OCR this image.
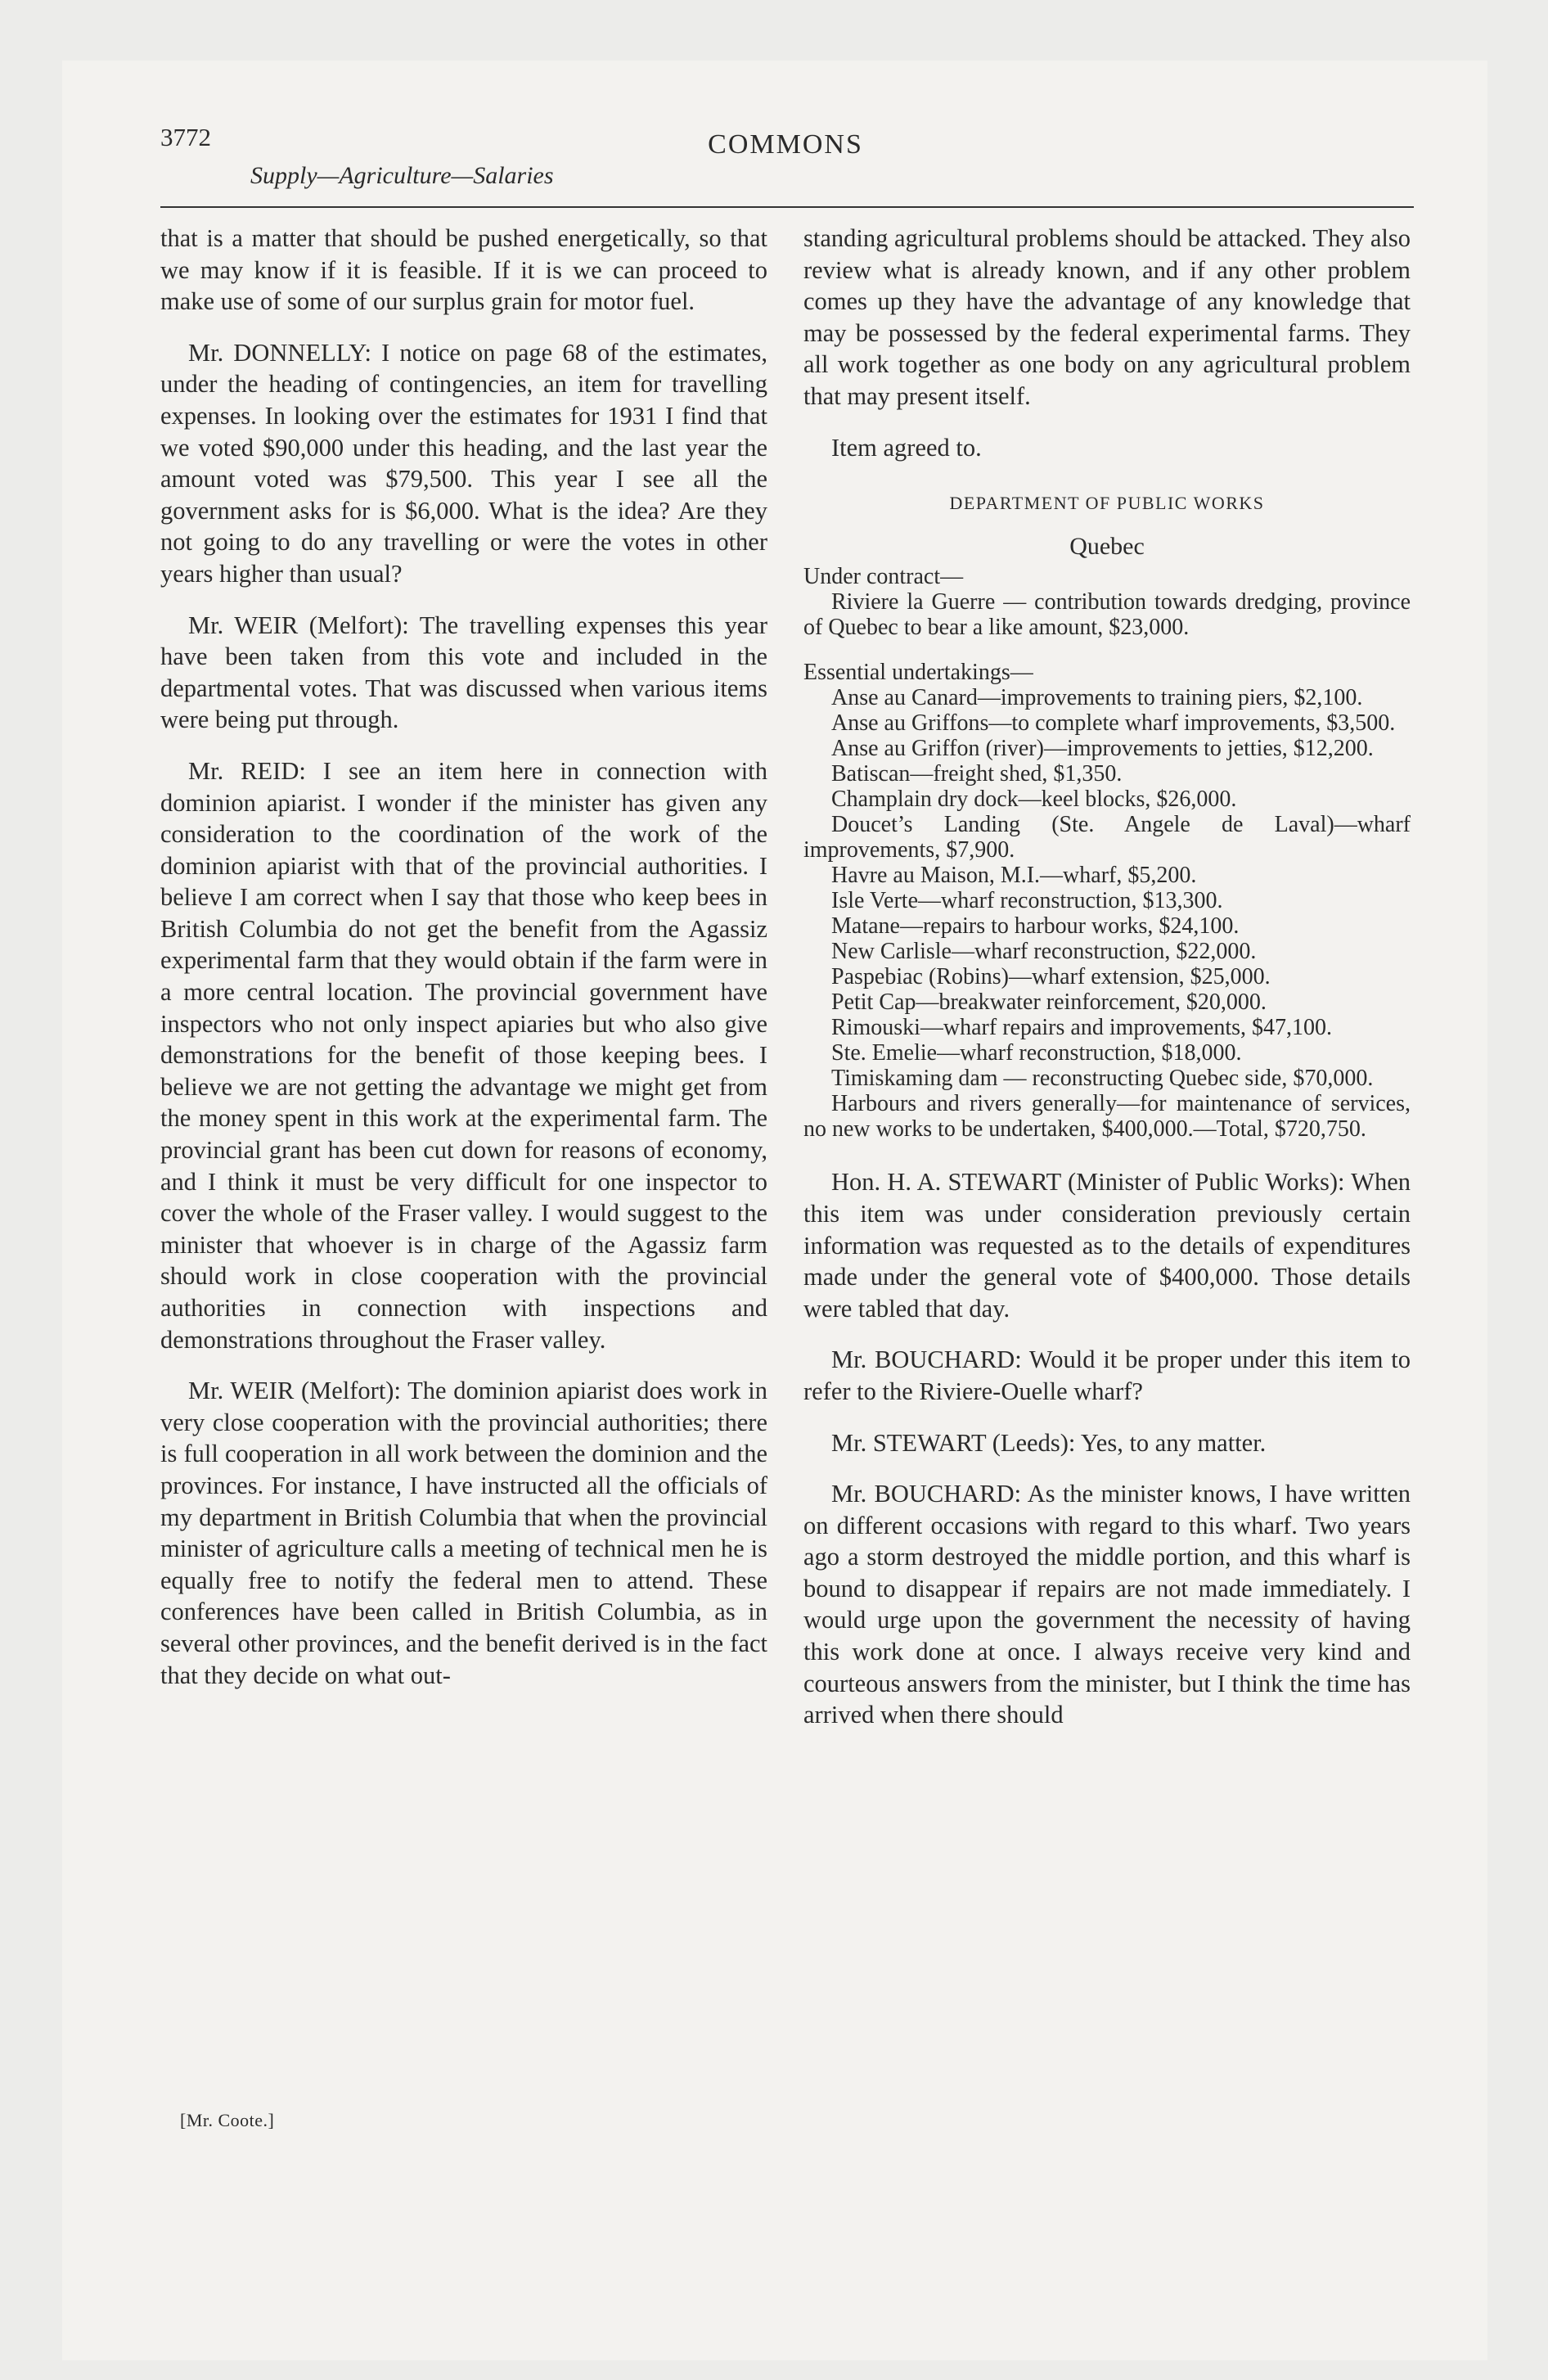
3772	COMMONS
Supply—Agriculture—Salaries

that is a matter that should be pushed energetically, so that we may know if it is feasible. If it is we can proceed to make use of some of our surplus grain for motor fuel.

Mr. DONNELLY: I notice on page 68 of the estimates, under the heading of contingencies, an item for travelling expenses. In looking over the estimates for 1931 I find that we voted $90,000 under this heading, and the last year the amount voted was $79,500. This year I see all the government asks for is $6,000. What is the idea? Are they not going to do any travelling or were the votes in other years higher than usual?

Mr. WEIR (Melfort): The travelling expenses this year have been taken from this vote and included in the departmental votes. That was discussed when various items were being put through.

Mr. REID: I see an item here in connection with dominion apiarist. I wonder if the minister has given any consideration to the coordination of the work of the dominion apiarist with that of the provincial authorities. I believe I am correct when I say that those who keep bees in British Columbia do not get the benefit from the Agassiz experimental farm that they would obtain if the farm were in a more central location. The provincial government have inspectors who not only inspect apiaries but who also give demonstrations for the benefit of those keeping bees. I believe we are not getting the advantage we might get from the money spent in this work at the experimental farm. The provincial grant has been cut down for reasons of economy, and I think it must be very difficult for one inspector to cover the whole of the Fraser valley. I would suggest to the minister that whoever is in charge of the Agassiz farm should work in close cooperation with the provincial authorities in connection with inspections and demonstrations throughout the Fraser valley.

Mr. WEIR (Melfort): The dominion apiarist does work in very close cooperation with the provincial authorities; there is full cooperation in all work between the dominion and the provinces. For instance, I have instructed all the officials of my department in British Columbia that when the provincial minister of agriculture calls a meeting of technical men he is equally free to notify the federal men to attend. These conferences have been called in British Columbia, as in several other provinces, and the benefit derived is in the fact that they decide on what out-

[Mr. Coote.]

standing agricultural problems should be attacked. They also review what is already known, and if any other problem comes up they have the advantage of any knowledge that may be possessed by the federal experimental farms. They all work together as one body on any agricultural problem that may present itself.

Item agreed to.

DEPARTMENT OF PUBLIC WORKS
Quebec

Under contract—

Riviere la Guerre — contribution towards dredging, province of Quebec to bear a like amount, $23,000.

Essential undertakings—

Anse au Canard—improvements to training piers, $2,100.

Anse au Griffons—to complete wharf improvements, $3,500.

Anse au Griffon (river)—improvements to jetties, $12,200.

Batiscan—freight shed, $1,350.

Champlain dry dock—keel blocks, $26,000.

Doucet’s Landing (Ste. Angele de Laval)—wharf improvements, $7,900.

Havre au Maison, M.I.—wharf, $5,200.

Isle Verte—wharf reconstruction, $13,300.

Matane—repairs to harbour works, $24,100.

New Carlisle—wharf reconstruction, $22,000.

Paspebiac (Robins)—wharf extension, $25,000.

Petit Cap—breakwater reinforcement, $20,000.

Rimouski—wharf repairs and improvements, $47,100.

Ste. Emelie—wharf reconstruction, $18,000.

Timiskaming dam — reconstructing Quebec side, $70,000.

Harbours and rivers generally—for maintenance of services, no new works to be undertaken, $400,000.—Total, $720,750.

Hon. H. A. STEWART (Minister of Public Works): When this item was under consideration previously certain information was requested as to the details of expenditures made under the general vote of $400,000. Those details were tabled that day.

Mr. BOUCHARD: Would it be proper under this item to refer to the Riviere-Ouelle wharf?

Mr. STEWART (Leeds): Yes, to any matter.

Mr. BOUCHARD: As the minister knows, I have written on different occasions with regard to this wharf. Two years ago a storm destroyed the middle portion, and this wharf is bound to disappear if repairs are not made immediately. I would urge upon the government the necessity of having this work done at once. I always receive very kind and courteous answers from the minister, but I think the time has arrived when there should
